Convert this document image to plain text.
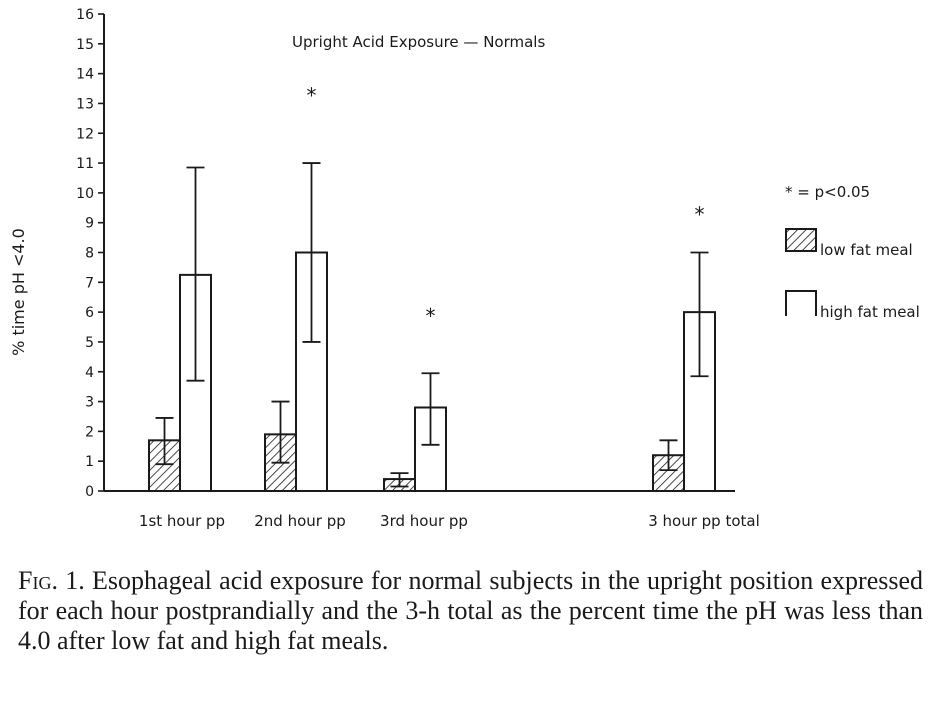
0
1
2
3
4
5
6
7
8
9
10
11
12
13
14
15
16
*
*
*
1st hour pp 2nd hour pp 3rd hour pp	3 hour pp total
% time pH <4.0
Upright Acid Exposure — Normals
* = p<0.05
low fat meal
high fat meal
Fig. 1. Esophageal acid exposure for normal subjects in the upright position expressed for each hour postprandially and the 3-h total as the percent time the pH was less than 4.0 after low fat and high fat meals.
